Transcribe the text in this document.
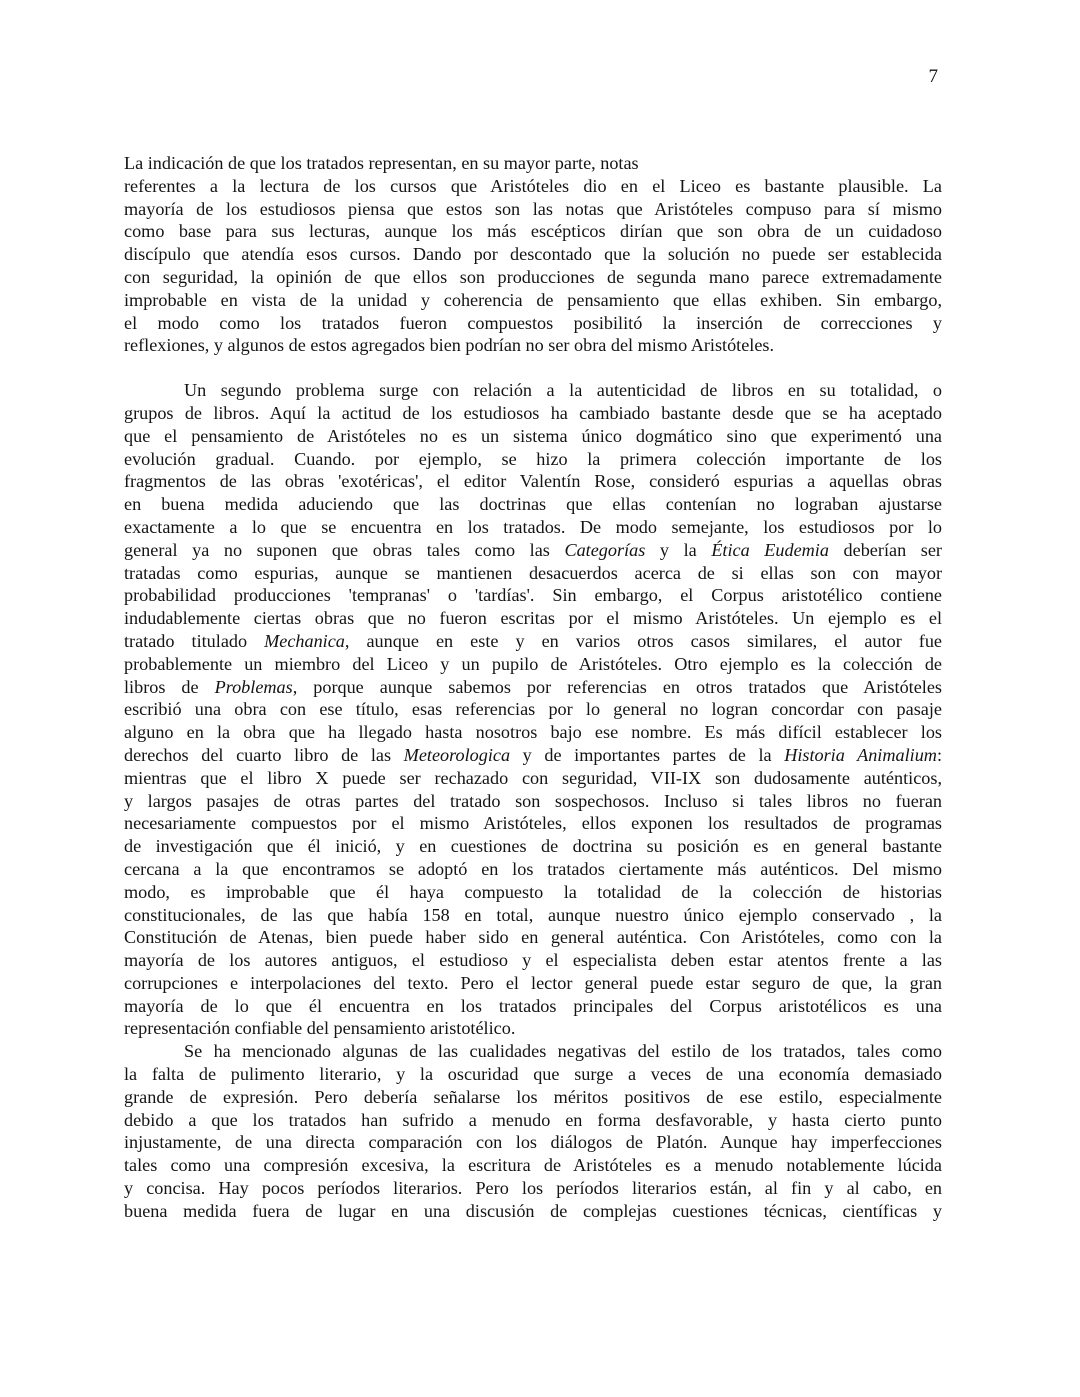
7
La indicación de que los tratados representan, en su mayor parte, notas
referentes a la lectura de los cursos que Aristóteles dio en el Liceo es bastante plausible. La
mayoría de los estudiosos piensa que estos son las notas que Aristóteles compuso para sí mismo
como base para sus lecturas, aunque los más escépticos dirían que son obra de un cuidadoso
discípulo que atendía esos cursos. Dando por descontado que la solución no puede ser establecida
con seguridad, la opinión de que ellos son producciones de segunda mano parece extremadamente
improbable en vista de la unidad y coherencia de pensamiento que ellas exhiben. Sin embargo,
el modo como los tratados fueron compuestos posibilitó la inserción de correcciones y
reflexiones, y algunos de estos agregados bien podrían no ser obra del mismo Aristóteles.
Un segundo problema surge con relación a la autenticidad de libros en su totalidad, o
grupos de libros. Aquí la actitud de los estudiosos ha cambiado bastante desde que se ha aceptado
que el pensamiento de Aristóteles no es un sistema único dogmático sino que experimentó una
evolución gradual. Cuando. por ejemplo, se hizo la primera colección importante de los
fragmentos de las obras 'exotéricas', el editor Valentín Rose, consideró espurias a aquellas obras
en buena medida aduciendo que las doctrinas que ellas contenían no lograban ajustarse
exactamente a lo que se encuentra en los tratados. De modo semejante, los estudiosos por lo
general ya no suponen que obras tales como las Categorías y la Ética Eudemia deberían ser
tratadas como espurias, aunque se mantienen desacuerdos acerca de si ellas son con mayor
probabilidad producciones 'tempranas' o 'tardías'. Sin embargo, el Corpus aristotélico contiene
indudablemente ciertas obras que no fueron escritas por el mismo Aristóteles. Un ejemplo es el
tratado titulado Mechanica, aunque en este y en varios otros casos similares, el autor fue
probablemente un miembro del Liceo y un pupilo de Aristóteles. Otro ejemplo es la colección de
libros de Problemas, porque aunque sabemos por referencias en otros tratados que Aristóteles
escribió una obra con ese título, esas referencias por lo general no logran concordar con pasaje
alguno en la obra que ha llegado hasta nosotros bajo ese nombre. Es más difícil establecer los
derechos del cuarto libro de las Meteorologica y de importantes partes de la Historia Animalium:
mientras que el libro X puede ser rechazado con seguridad, VII-IX son dudosamente auténticos,
y largos pasajes de otras partes del tratado son sospechosos. Incluso si tales libros no fueran
necesariamente compuestos por el mismo Aristóteles, ellos exponen los resultados de programas
de investigación que él inició, y en cuestiones de doctrina su posición es en general bastante
cercana a la que encontramos se adoptó en los tratados ciertamente más auténticos. Del mismo
modo, es improbable que él haya compuesto la totalidad de la colección de historias
constitucionales, de las que había 158 en total, aunque nuestro único ejemplo conservado , la
Constitución de Atenas, bien puede haber sido en general auténtica. Con Aristóteles, como con la
mayoría de los autores antiguos, el estudioso y el especialista deben estar atentos frente a las
corrupciones e interpolaciones del texto. Pero el lector general puede estar seguro de que, la gran
mayoría de lo que él encuentra en los tratados principales del Corpus aristotélicos es una
representación confiable del pensamiento aristotélico.
Se ha mencionado algunas de las cualidades negativas del estilo de los tratados, tales como
la falta de pulimento literario, y la oscuridad que surge a veces de una economía demasiado
grande de expresión. Pero debería señalarse los méritos positivos de ese estilo, especialmente
debido a que los tratados han sufrido a menudo en forma desfavorable, y hasta cierto punto
injustamente, de una directa comparación con los diálogos de Platón. Aunque hay imperfecciones
tales como una compresión excesiva, la escritura de Aristóteles es a menudo notablemente lúcida
y concisa. Hay pocos períodos literarios. Pero los períodos literarios están, al fin y al cabo, en
buena medida fuera de lugar en una discusión de complejas cuestiones técnicas, científicas y
